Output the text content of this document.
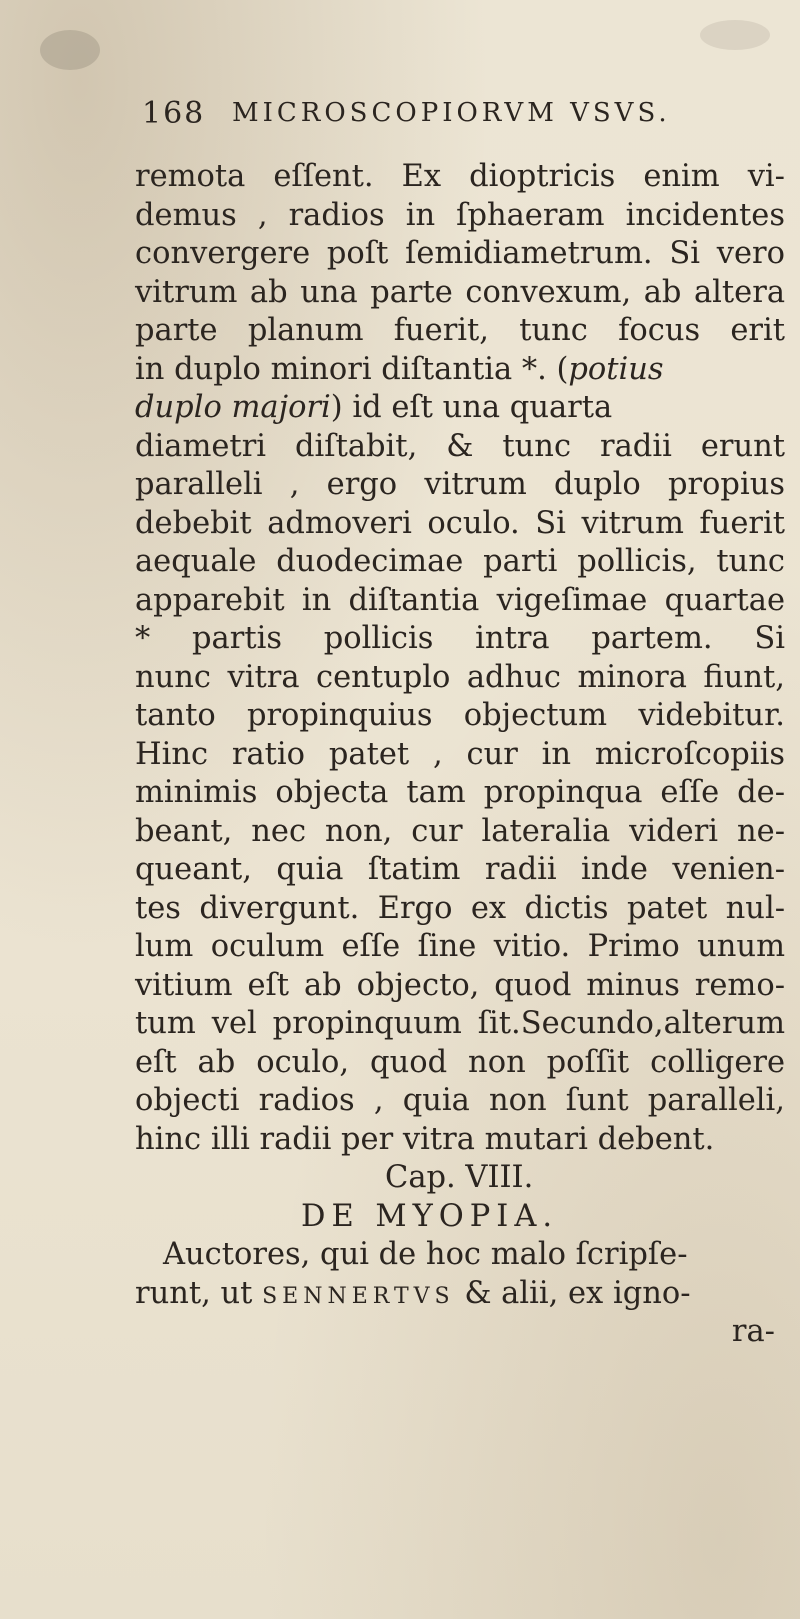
168 MICROSCOPIORVM VSVS.
remota eſſent. Ex dioptricis enim vi-
demus , radios in ſphaeram incidentes
convergere poſt ſemidiametrum. Si vero
vitrum ab una parte convexum, ab altera
parte planum fuerit, tunc focus erit
in duplo minori diſtantia *. (potius
duplo majori) id eſt una quarta
diametri diſtabit, & tunc radii erunt
paralleli , ergo vitrum duplo propius
debebit admoveri oculo. Si vitrum fuerit
aequale duodecimae parti pollicis, tunc
apparebit in diſtantia vigeſimae quartae
* partis pollicis intra partem. Si
nunc vitra centuplo adhuc minora fiunt,
tanto propinquius objectum videbitur.
Hinc ratio patet , cur in microſcopiis
minimis objecta tam propinqua eſſe de-
beant, nec non, cur lateralia videri ne-
queant, quia ſtatim radii inde venien-
tes divergunt. Ergo ex dictis patet nul-
lum oculum eſſe ſine vitio. Primo unum
vitium eſt ab objecto, quod minus remo-
tum vel propinquum ſit.Secundo,alterum
eſt ab oculo, quod non poſſit colligere
objecti radios , quia non ſunt paralleli,
hinc illi radii per vitra mutari debent.
Cap. VIII.
DE MYOPIA.
Auctores, qui de hoc malo ſcripſe-
runt, ut SENNERTVS & alii, ex igno-
ra-
